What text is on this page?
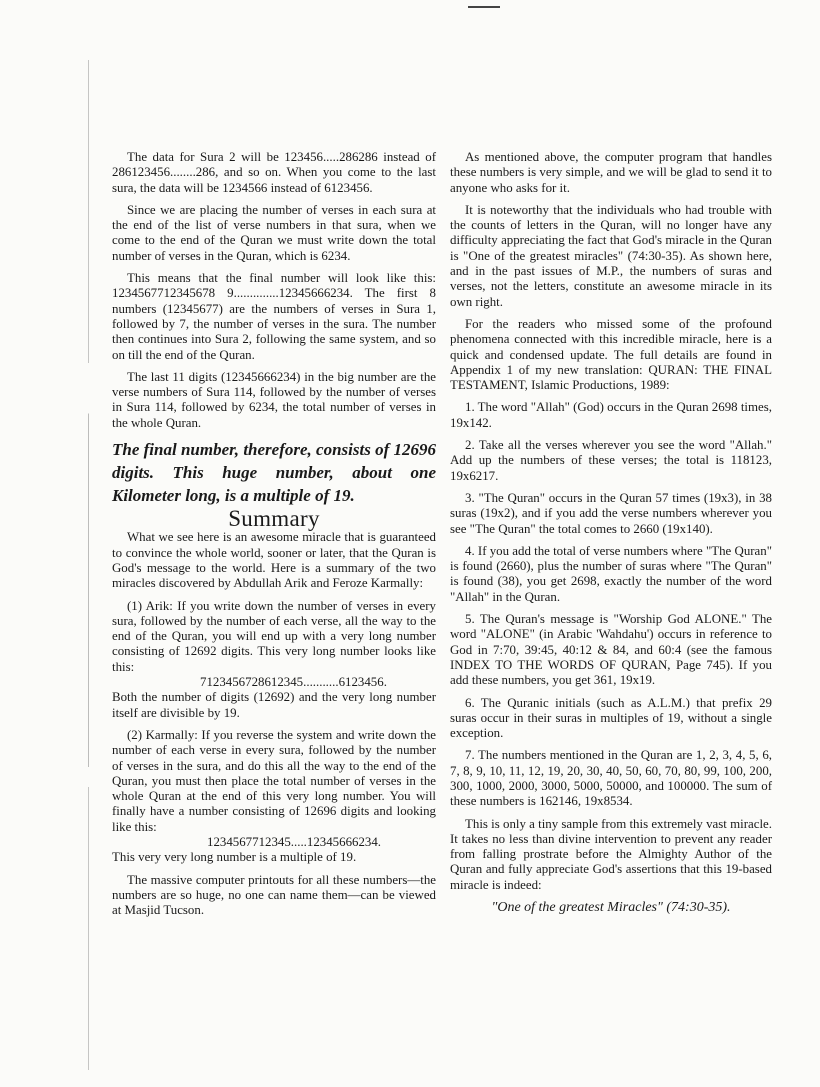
The data for Sura 2 will be 123456.....286286 instead of 286123456........286, and so on. When you come to the last sura, the data will be 1234566 instead of 6123456.

Since we are placing the number of verses in each sura at the end of the list of verse numbers in that sura, when we come to the end of the Quran we must write down the total number of verses in the Quran, which is 6234.

This means that the final number will look like this: 1234567712345678 9..............12345666234. The first 8 numbers (12345677) are the numbers of verses in Sura 1, followed by 7, the number of verses in the sura. The number then continues into Sura 2, following the same system, and so on till the end of the Quran.

The last 11 digits (12345666234) in the big number are the verse numbers of Sura 114, followed by the number of verses in Sura 114, followed by 6234, the total number of verses in the whole Quran.

The final number, therefore, consists of 12696 digits. This huge number, about one Kilometer long, is a multiple of 19.

Summary

What we see here is an awesome miracle that is guaranteed to convince the whole world, sooner or later, that the Quran is God's message to the world. Here is a summary of the two miracles discovered by Abdullah Arik and Feroze Karmally:

(1) Arik: If you write down the number of verses in every sura, followed by the number of each verse, all the way to the end of the Quran, you will end up with a very long number consisting of 12692 digits. This very long number looks like this:

7123456728612345...........6123456.

Both the number of digits (12692) and the very long number itself are divisible by 19.

(2) Karmally: If you reverse the system and write down the number of each verse in every sura, followed by the number of verses in the sura, and do this all the way to the end of the Quran, you must then place the total number of verses in the whole Quran at the end of this very long number. You will finally have a number consisting of 12696 digits and looking like this:

1234567712345.....12345666234.

This very very long number is a multiple of 19.

The massive computer printouts for all these numbers—the numbers are so huge, no one can name them—can be viewed at Masjid Tucson.

As mentioned above, the computer program that handles these numbers is very simple, and we will be glad to send it to anyone who asks for it.

It is noteworthy that the individuals who had trouble with the counts of letters in the Quran, will no longer have any difficulty appreciating the fact that God's miracle in the Quran is "One of the greatest miracles" (74:30-35). As shown here, and in the past issues of M.P., the numbers of suras and verses, not the letters, constitute an awesome miracle in its own right.

For the readers who missed some of the profound phenomena connected with this incredible miracle, here is a quick and condensed update. The full details are found in Appendix 1 of my new translation: QURAN: THE FINAL TESTAMENT, Islamic Productions, 1989:

1. The word "Allah" (God) occurs in the Quran 2698 times, 19x142.

2. Take all the verses wherever you see the word "Allah." Add up the numbers of these verses; the total is 118123, 19x6217.

3. "The Quran" occurs in the Quran 57 times (19x3), in 38 suras (19x2), and if you add the verse numbers wherever you see "The Quran" the total comes to 2660 (19x140).

4. If you add the total of verse numbers where "The Quran" is found (2660), plus the number of suras where "The Quran" is found (38), you get 2698, exactly the number of the word "Allah" in the Quran.

5. The Quran's message is "Worship God ALONE." The word "ALONE" (in Arabic 'Wahdahu') occurs in reference to God in 7:70, 39:45, 40:12 & 84, and 60:4 (see the famous INDEX TO THE WORDS OF QURAN, Page 745). If you add these numbers, you get 361, 19x19.

6. The Quranic initials (such as A.L.M.) that prefix 29 suras occur in their suras in multiples of 19, without a single exception.

7. The numbers mentioned in the Quran are 1, 2, 3, 4, 5, 6, 7, 8, 9, 10, 11, 12, 19, 20, 30, 40, 50, 60, 70, 80, 99, 100, 200, 300, 1000, 2000, 3000, 5000, 50000, and 100000. The sum of these numbers is 162146, 19x8534.

This is only a tiny sample from this extremely vast miracle. It takes no less than divine intervention to prevent any reader from falling prostrate before the Almighty Author of the Quran and fully appreciate God's assertions that this 19-based miracle is indeed:

"One of the greatest Miracles" (74:30-35).
